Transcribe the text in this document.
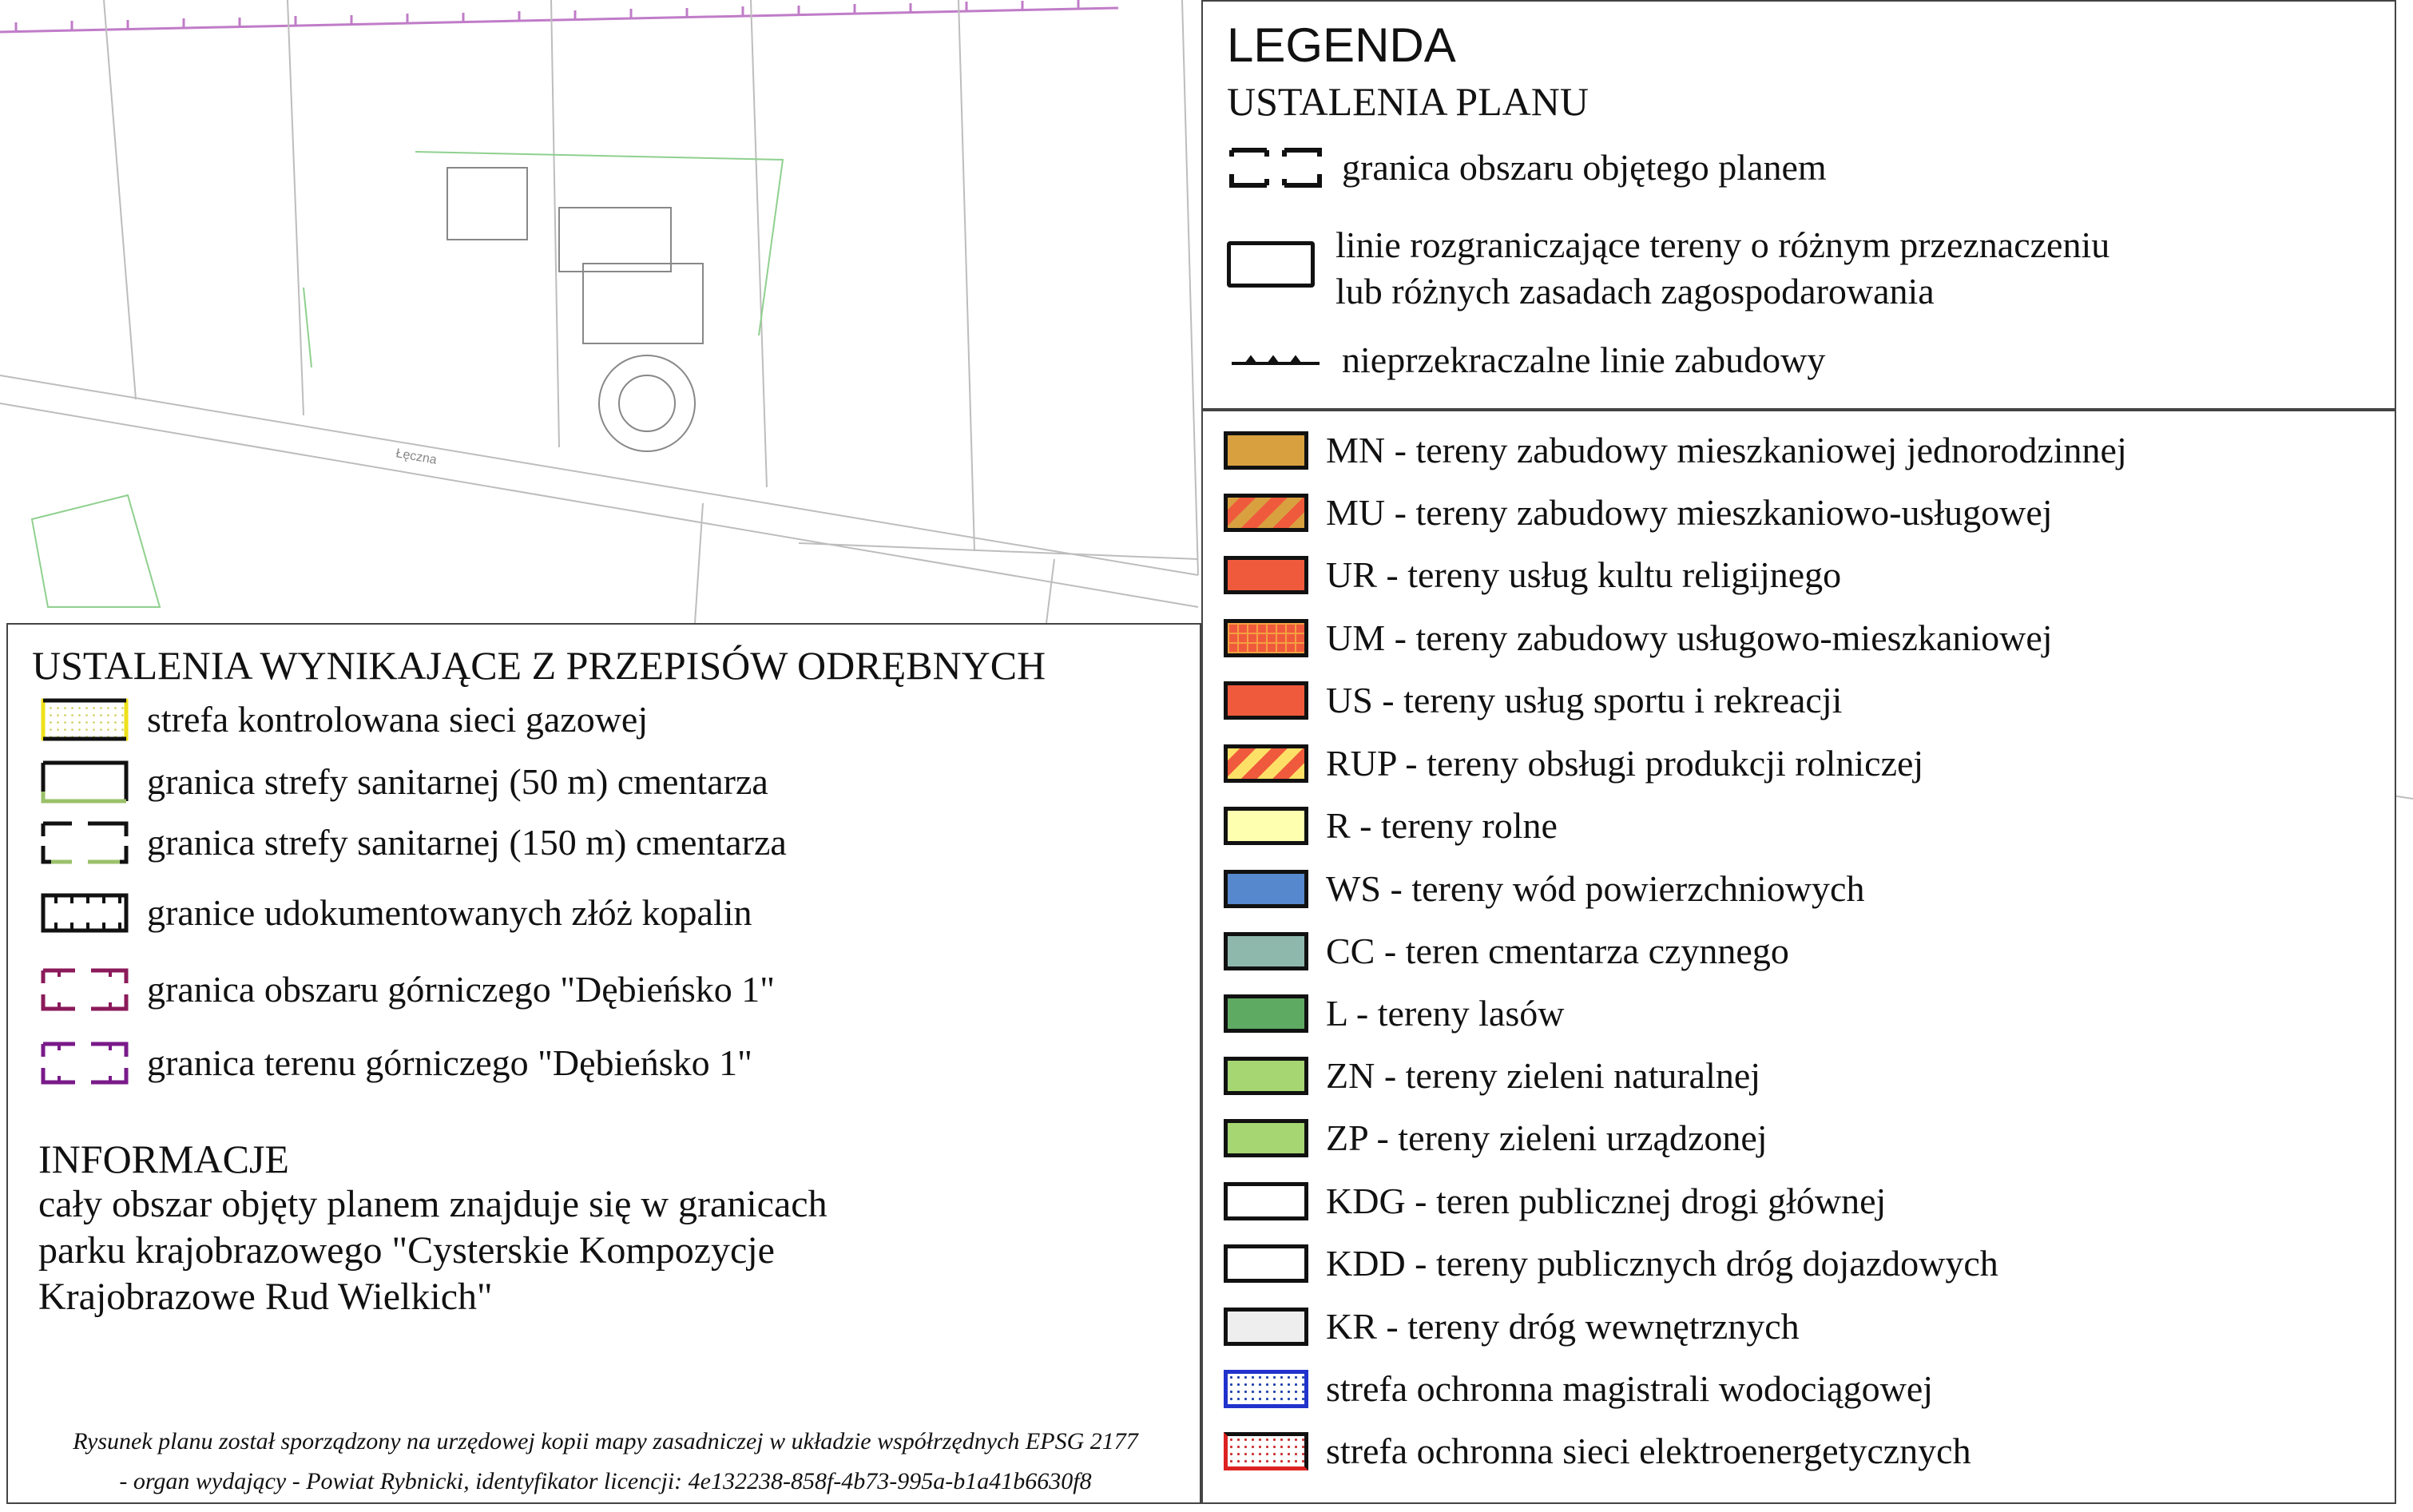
Łęczna
LEGENDA
USTALENIA PLANU
granica obszaru objętego planem
linie rozgraniczające tereny o różnym przeznaczeniu
lub różnych zasadach zagospodarowania
nieprzekraczalne linie zabudowy
MN - tereny zabudowy mieszkaniowej jednorodzinnej
MU - tereny zabudowy mieszkaniowo-usługowej
UR - tereny usług kultu religijnego
UM - tereny zabudowy usługowo-mieszkaniowej
US - tereny usług sportu i rekreacji
RUP - tereny obsługi produkcji rolniczej
R - tereny rolne
WS - tereny wód powierzchniowych
CC - teren cmentarza czynnego
L - tereny lasów
ZN - tereny zieleni naturalnej
ZP - tereny zieleni urządzonej
KDG - teren publicznej drogi głównej
KDD - tereny publicznych dróg dojazdowych
KR - tereny dróg wewnętrznych
strefa ochronna magistrali wodociągowej
strefa ochronna sieci elektroenergetycznych
USTALENIA WYNIKAJĄCE Z PRZEPISÓW ODRĘBNYCH
strefa kontrolowana sieci gazowej
granica strefy sanitarnej (50 m) cmentarza
granica strefy sanitarnej (150 m) cmentarza
granice udokumentowanych złóż kopalin
granica obszaru górniczego "Dębieńsko 1"
granica terenu górniczego "Dębieńsko 1"
INFORMACJE
cały obszar objęty planem znajduje się w granicach
parku krajobrazowego "Cysterskie Kompozycje
Krajobrazowe Rud Wielkich"
Rysunek planu został sporządzony na urzędowej kopii mapy zasadniczej w układzie współrzędnych EPSG 2177
- organ wydający - Powiat Rybnicki, identyfikator licencji: 4e132238-858f-4b73-995a-b1a41b6630f8
